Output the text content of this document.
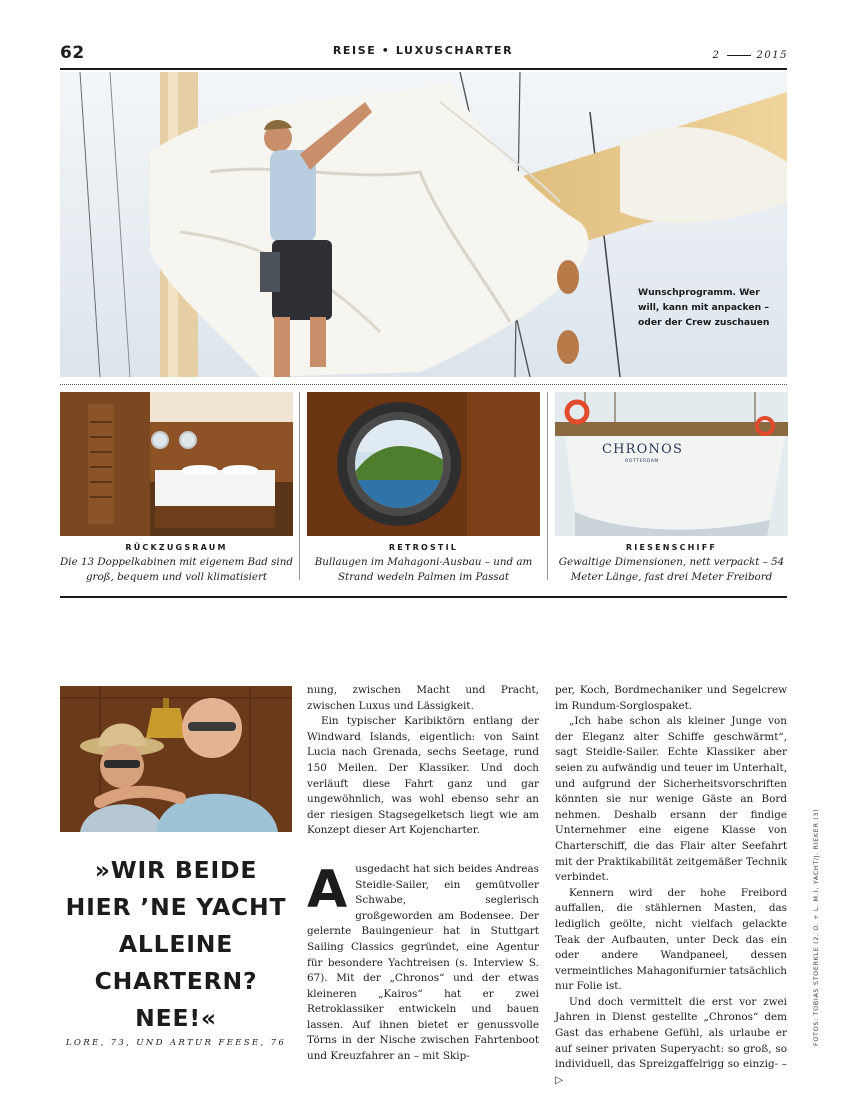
62	REISE • LUXUSCHARTER	2	2015
Wunschprogramm. Wer will, kann mit anpacken – oder der Crew zuschauen
CHRONOS
ROTTERDAM
RÜCKZUGSRAUM
Die 13 Doppelkabinen mit eigenem Bad sind groß, bequem und voll klimatisiert
RETROSTIL
Bullaugen im Mahagoni-Ausbau – und am Strand wedeln Palmen im Passat
RIESENSCHIFF
Gewaltige Dimensionen, nett verpackt – 54 Meter Länge, fast drei Meter Freibord
»WIR BEIDE HIER ’NE YACHT ALLEINE CHARTERN? NEE!«
LORE, 73, UND ARTUR FEESE, 76

nung, zwischen Macht und Pracht, zwischen Luxus und Lässigkeit.

Ein typischer Karibiktörn entlang der Windward Islands, eigentlich: von Saint Lucia nach Grenada, sechs Seetage, rund 150 Meilen. Der Klassiker. Und doch verläuft diese Fahrt ganz und gar ungewöhnlich, was wohl ebenso sehr an der riesigen Stagsegelketsch liegt wie am Konzept dieser Art Kojencharter.

Ausgedacht hat sich beides Andreas Steidle-Sailer, ein gemütvoller Schwabe, seglerisch großgeworden am Bodensee. Der gelernte Bauingenieur hat in Stuttgart Sailing Classics gegründet, eine Agentur für besondere Yachtreisen (s. Interview S. 67). Mit der „Chronos“ und der etwas kleineren „Kairos“ hat er zwei Retroklassiker entwickeln und bauen lassen. Auf ihnen bietet er genussvolle Törns in der Nische zwischen Fahrtenboot und Kreuzfahrer an – mit Skip-

per, Koch, Bordmechaniker und Segelcrew im Rundum-Sorglospaket.

„Ich habe schon als kleiner Junge von der Eleganz alter Schiffe geschwärmt“, sagt Steidle-Sailer. Echte Klassiker aber seien zu aufwändig und teuer im Unterhalt, und aufgrund der Sicherheitsvorschriften könnten sie nur wenige Gäste an Bord nehmen. Deshalb ersann der findige Unternehmer eine eigene Klasse von Charterschiff, die das Flair alter Seefahrt mit der Praktikabilität zeitgemäßer Technik verbindet.

Kennern wird der hohe Freibord auffallen, die stählernen Masten, das lediglich geölte, nicht vielfach gelackte Teak der Aufbauten, unter Deck das ein oder andere Wandpaneel, dessen vermeintliches Mahagonifurnier tatsächlich nur Folie ist.

Und doch vermittelt die erst vor zwei Jahren in Dienst gestellte „Chronos“ dem Gast das erhabene Gefühl, als urlaube er auf seiner privaten Superyacht: so groß, so individuell, das Spreizgaffelrigg so einzig- –▷

FOTOS: TOBIAS STOERKLE (2, O. + L. M.), YACHT/J. RIEKER (3)
